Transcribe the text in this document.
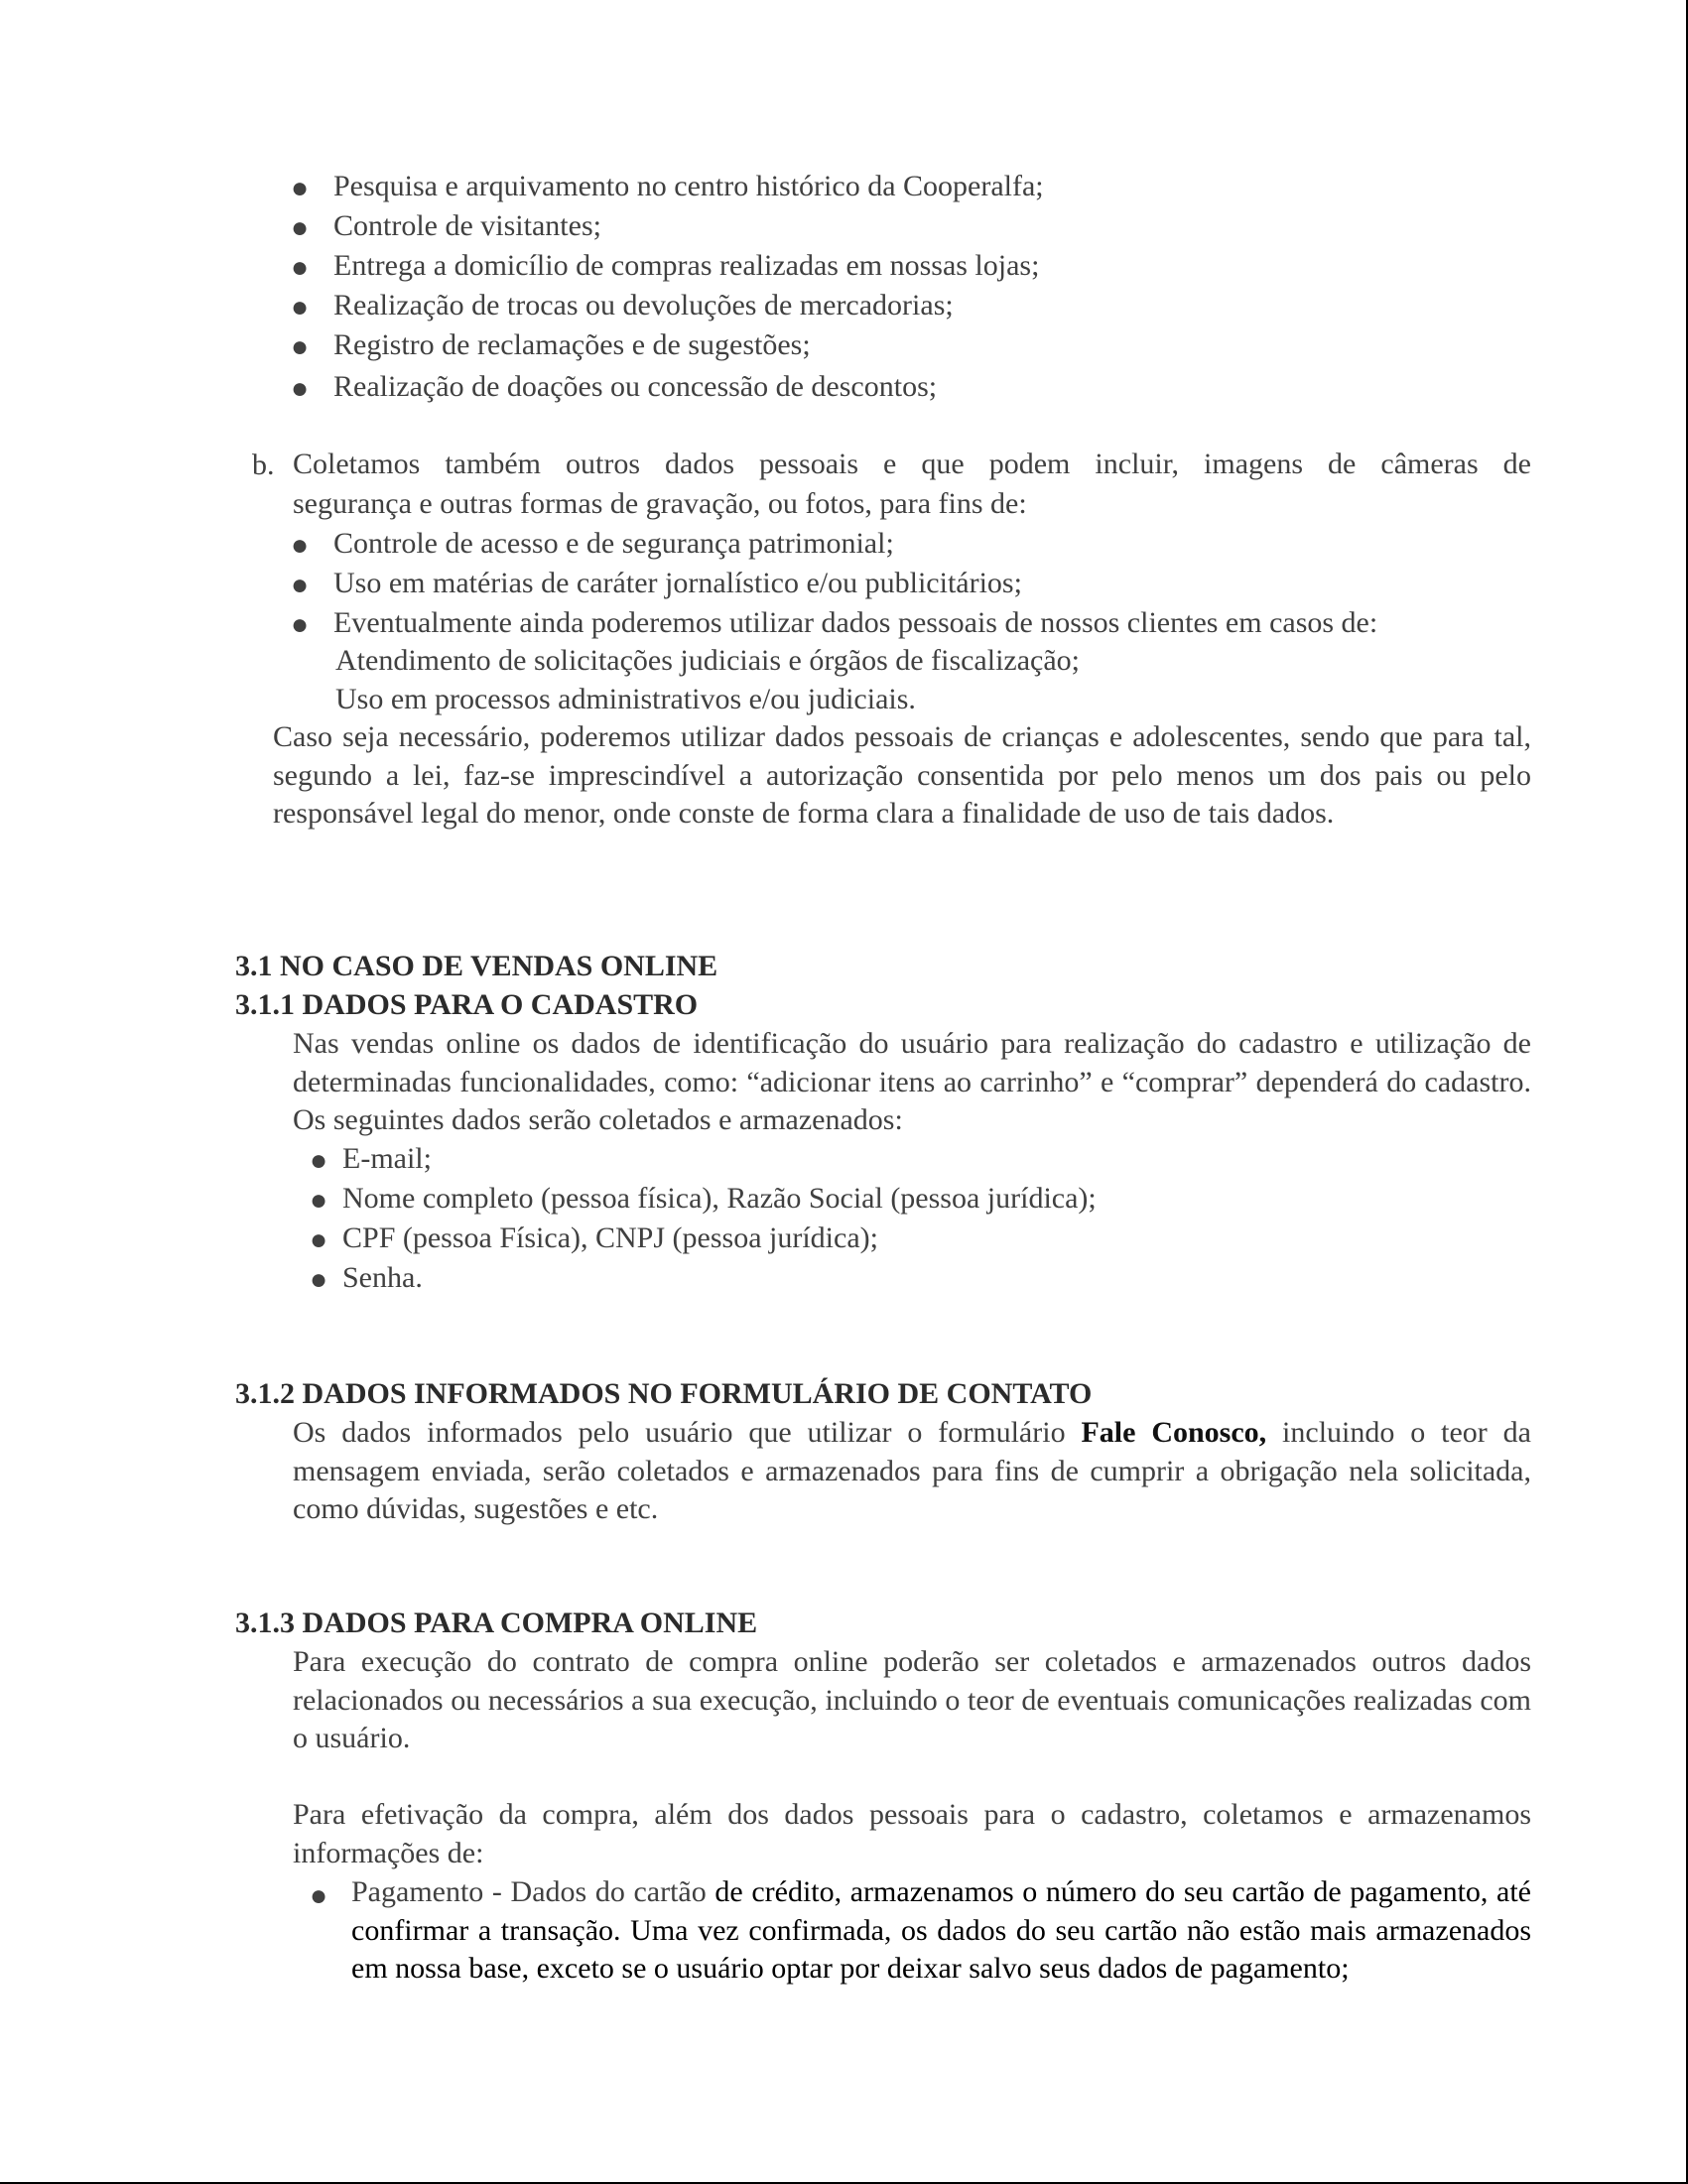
● Pesquisa e arquivamento no centro histórico da Cooperalfa;
● Controle de visitantes;
● Entrega a domicílio de compras realizadas em nossas lojas;
● Realização de trocas ou devoluções de mercadorias;
● Registro de reclamações e de sugestões;
● Realização de doações ou concessão de descontos;
b. Coletamos também outros dados pessoais e que podem incluir, imagens de câmeras de
segurança e outras formas de gravação, ou fotos, para fins de:
● Controle de acesso e de segurança patrimonial;
● Uso em matérias de caráter jornalístico e/ou publicitários;
● Eventualmente ainda poderemos utilizar dados pessoais de nossos clientes em casos de:
Atendimento de solicitações judiciais e órgãos de fiscalização;
Uso em processos administrativos e/ou judiciais.
Caso seja necessário, poderemos utilizar dados pessoais de crianças e adolescentes, sendo que para tal, segundo a lei, faz-se imprescindível a autorização consentida por pelo menos um dos pais ou pelo responsável legal do menor, onde conste de forma clara a finalidade de uso de tais dados.
3.1 NO CASO DE VENDAS ONLINE
3.1.1 DADOS PARA O CADASTRO
Nas vendas online os dados de identificação do usuário para realização do cadastro e utilização de determinadas funcionalidades, como: “adicionar itens ao carrinho” e “comprar” dependerá do cadastro. Os seguintes dados serão coletados e armazenados:
● E-mail;
● Nome completo (pessoa física), Razão Social (pessoa jurídica);
● CPF (pessoa Física), CNPJ (pessoa jurídica);
● Senha.
3.1.2 DADOS INFORMADOS NO FORMULÁRIO DE CONTATO
Os dados informados pelo usuário que utilizar o formulário Fale Conosco, incluindo o teor da mensagem enviada, serão coletados e armazenados para fins de cumprir a obrigação nela solicitada, como dúvidas, sugestões e etc.
3.1.3 DADOS PARA COMPRA ONLINE
Para execução do contrato de compra online poderão ser coletados e armazenados outros dados relacionados ou necessários a sua execução, incluindo o teor de eventuais comunicações realizadas com o usuário.
Para efetivação da compra, além dos dados pessoais para o cadastro, coletamos e armazenamos informações de:
● Pagamento - Dados do cartão de crédito, armazenamos o número do seu cartão de pagamento, até confirmar a transação. Uma vez confirmada, os dados do seu cartão não estão mais armazenados em nossa base, exceto se o usuário optar por deixar salvo seus dados de pagamento;
